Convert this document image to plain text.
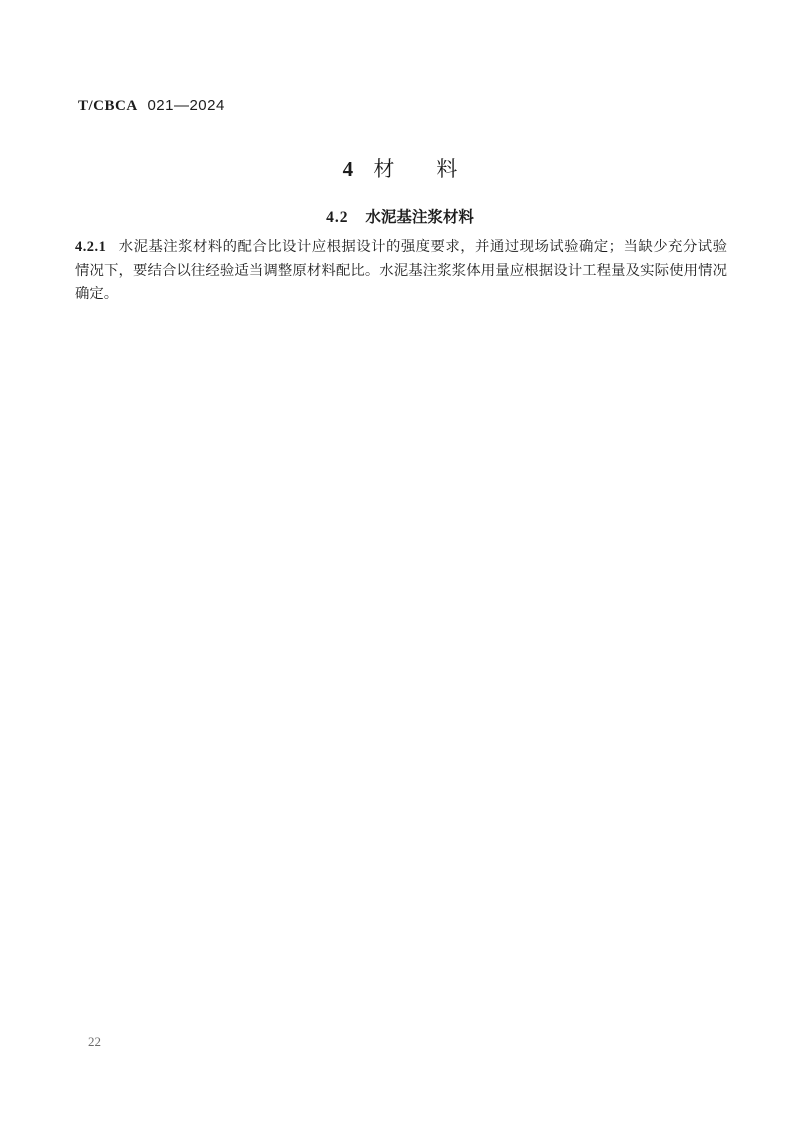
T/CBCA 021—2024
4 材　　料
4.2 水泥基注浆材料
4.2.1 水泥基注浆材料的配合比设计应根据设计的强度要求，并通过现场试验确定；当缺少充分试验
情况下，要结合以往经验适当调整原材料配比。水泥基注浆浆体用量应根据设计工程量及实际使用情况
确定。
22
